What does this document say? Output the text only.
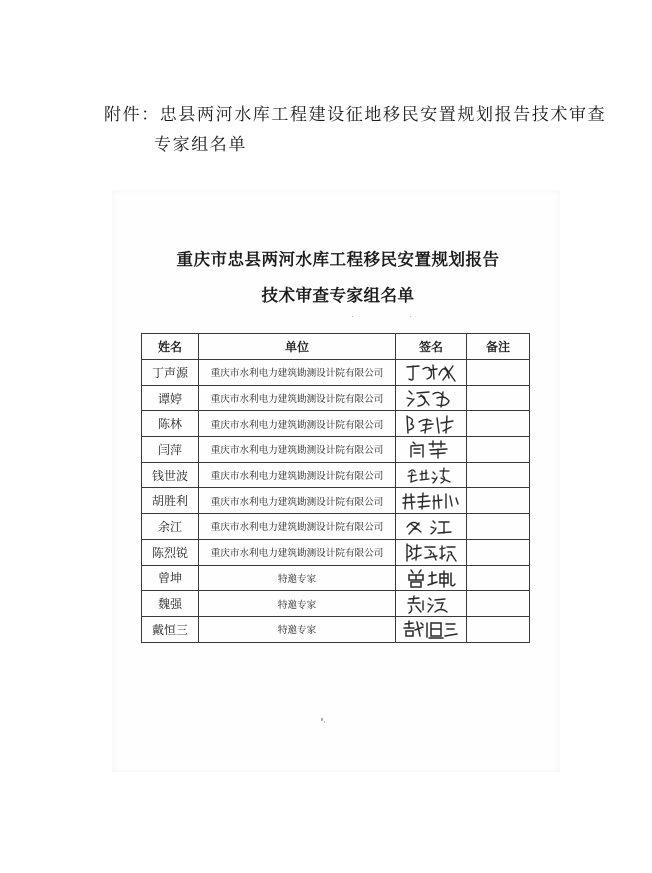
附件：忠县两河水库工程建设征地移民安置规划报告技术审查
专家组名单
重庆市忠县两河水库工程移民安置规划报告
技术审查专家组名单
姓名	单位	签名	备注
丁声源	重庆市水利电力建筑勘测设计院有限公司	

谭婷	重庆市水利电力建筑勘测设计院有限公司	

陈林	重庆市水利电力建筑勘测设计院有限公司	

闫萍	重庆市水利电力建筑勘测设计院有限公司	

钱世波	重庆市水利电力建筑勘测设计院有限公司	

胡胜利	重庆市水利电力建筑勘测设计院有限公司	

余江	重庆市水利电力建筑勘测设计院有限公司	

陈烈锐	重庆市水利电力建筑勘测设计院有限公司	

曾坤	特邀专家	

魏强	特邀专家	

戴恒三	特邀专家	
